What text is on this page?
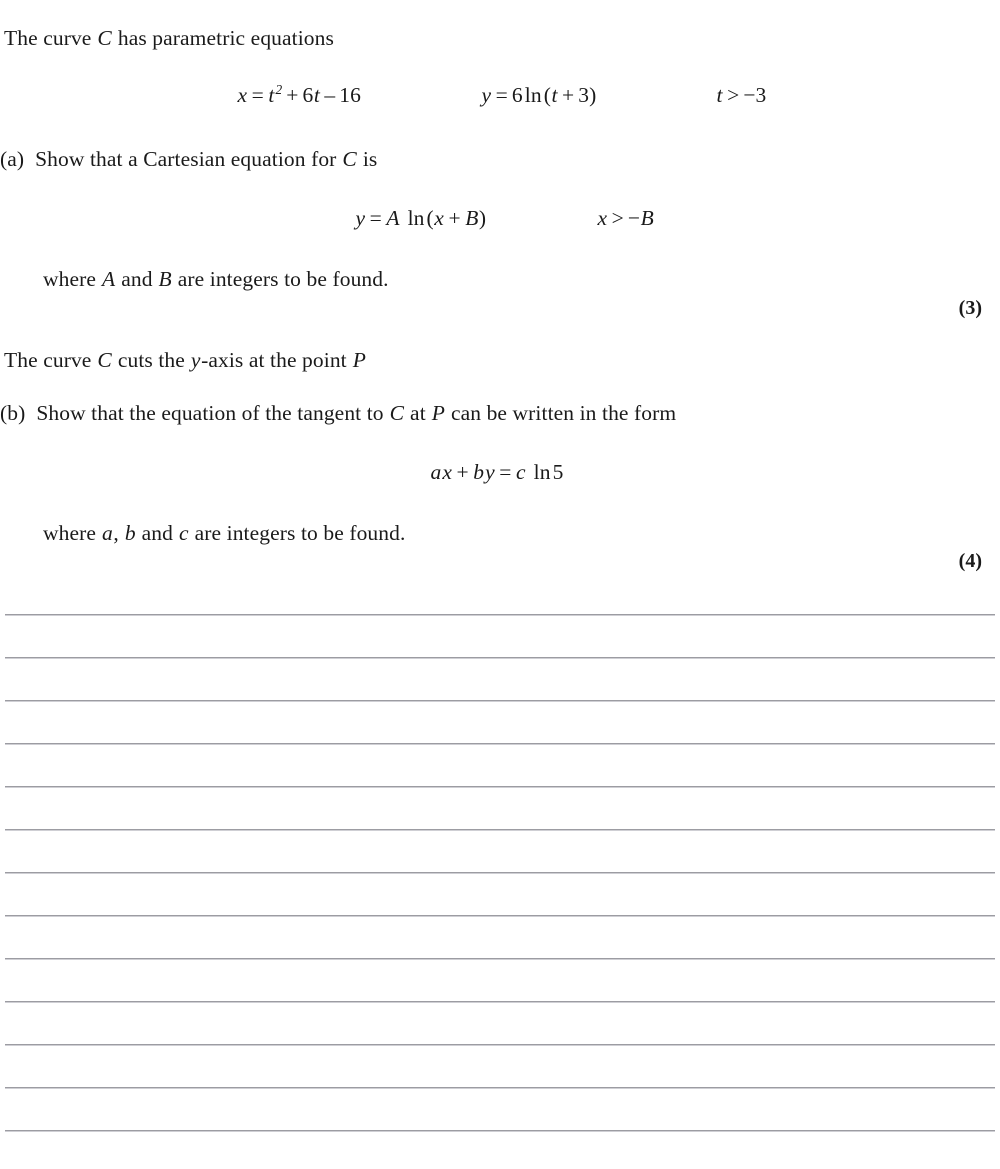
The curve C has parametric equations
$x = t^2 + 6t - 16$	y = 6ln(t + 3)	t > −3
(a)  Show that a Cartesian equation for C is
y = A ln(x + B)	x > −B
where A and B are integers to be found.
(3)
The curve C cuts the y-axis at the point P
(b)  Show that the equation of the tangent to C at P can be written in the form
ax + by = c ln5
where a, b and c are integers to be found.
(4)
